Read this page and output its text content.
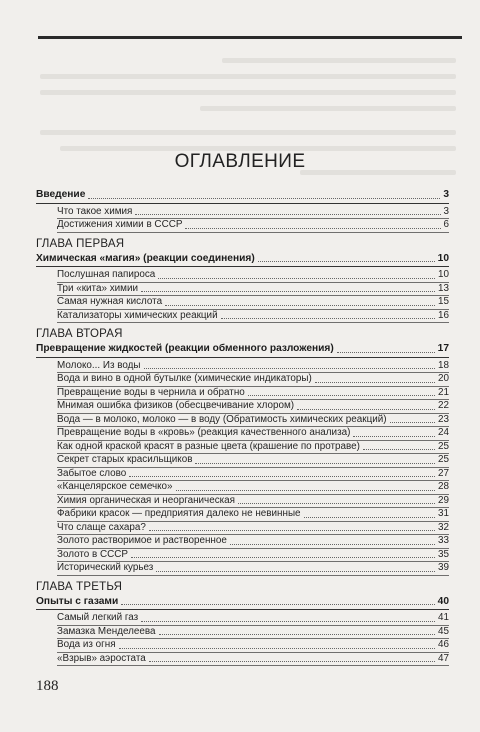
ОГЛАВЛЕНИЕ
Введение	3
Что такое химия	3
Достижения химии в СССР	6
ГЛАВА ПЕРВАЯ
Химическая «магия» (реакции соединения)	10
Послушная папироса	10
Три «кита» химии	13
Самая нужная кислота	15
Катализаторы химических реакций	16
ГЛАВА ВТОРАЯ
Превращение жидкостей (реакции обменного разложения)	17
Молоко... Из воды	18
Вода и вино в одной бутылке (химические индикаторы)	20
Превращение воды в чернила и обратно	21
Мнимая ошибка физиков (обесцвечивание хлором)	22
Вода — в молоко, молоко — в воду (Обратимость химических реакций)	23
Превращение воды в «кровь» (реакция качественного анализа)	24
Как одной краской красят в разные цвета (крашение по протраве)	25
Секрет старых красильщиков	25
Забытое слово	27
«Канцелярское семечко»	28
Химия органическая и неорганическая	29
Фабрики красок — предприятия далеко не невинные	31
Что слаще сахара?	32
Золото растворимое и растворенное	33
Золото в СССР	35
Исторический курьез	39
ГЛАВА ТРЕТЬЯ
Опыты с газами	40
Самый легкий газ	41
Замазка Менделеева	45
Вода из огня	46
«Взрыв» аэростата	47
188
